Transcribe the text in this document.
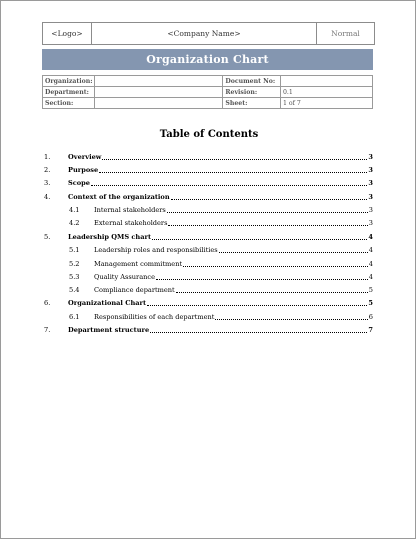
<Logo>	<Company Name>	Normal
Organization Chart
Organization:		Document No:	
Department:		Revision:	0.1
Section:		Sheet:	1 of 7
Table of Contents
1.	Overview	3
2.	Purpose	3
3.	Scope	3
4.	Context of the organization	3
4.1 Internal stakeholders	3
4.2 External stakeholders	3
5.	Leadership QMS chart	4
5.1 Leadership roles and responsibilities	4
5.2 Management commitment	4
5.3 Quality Assurance	4
5.4 Compliance department	5
6.	Organizational Chart	5
6.1 Responsibilities of each department	6
7.	Department structure	7
